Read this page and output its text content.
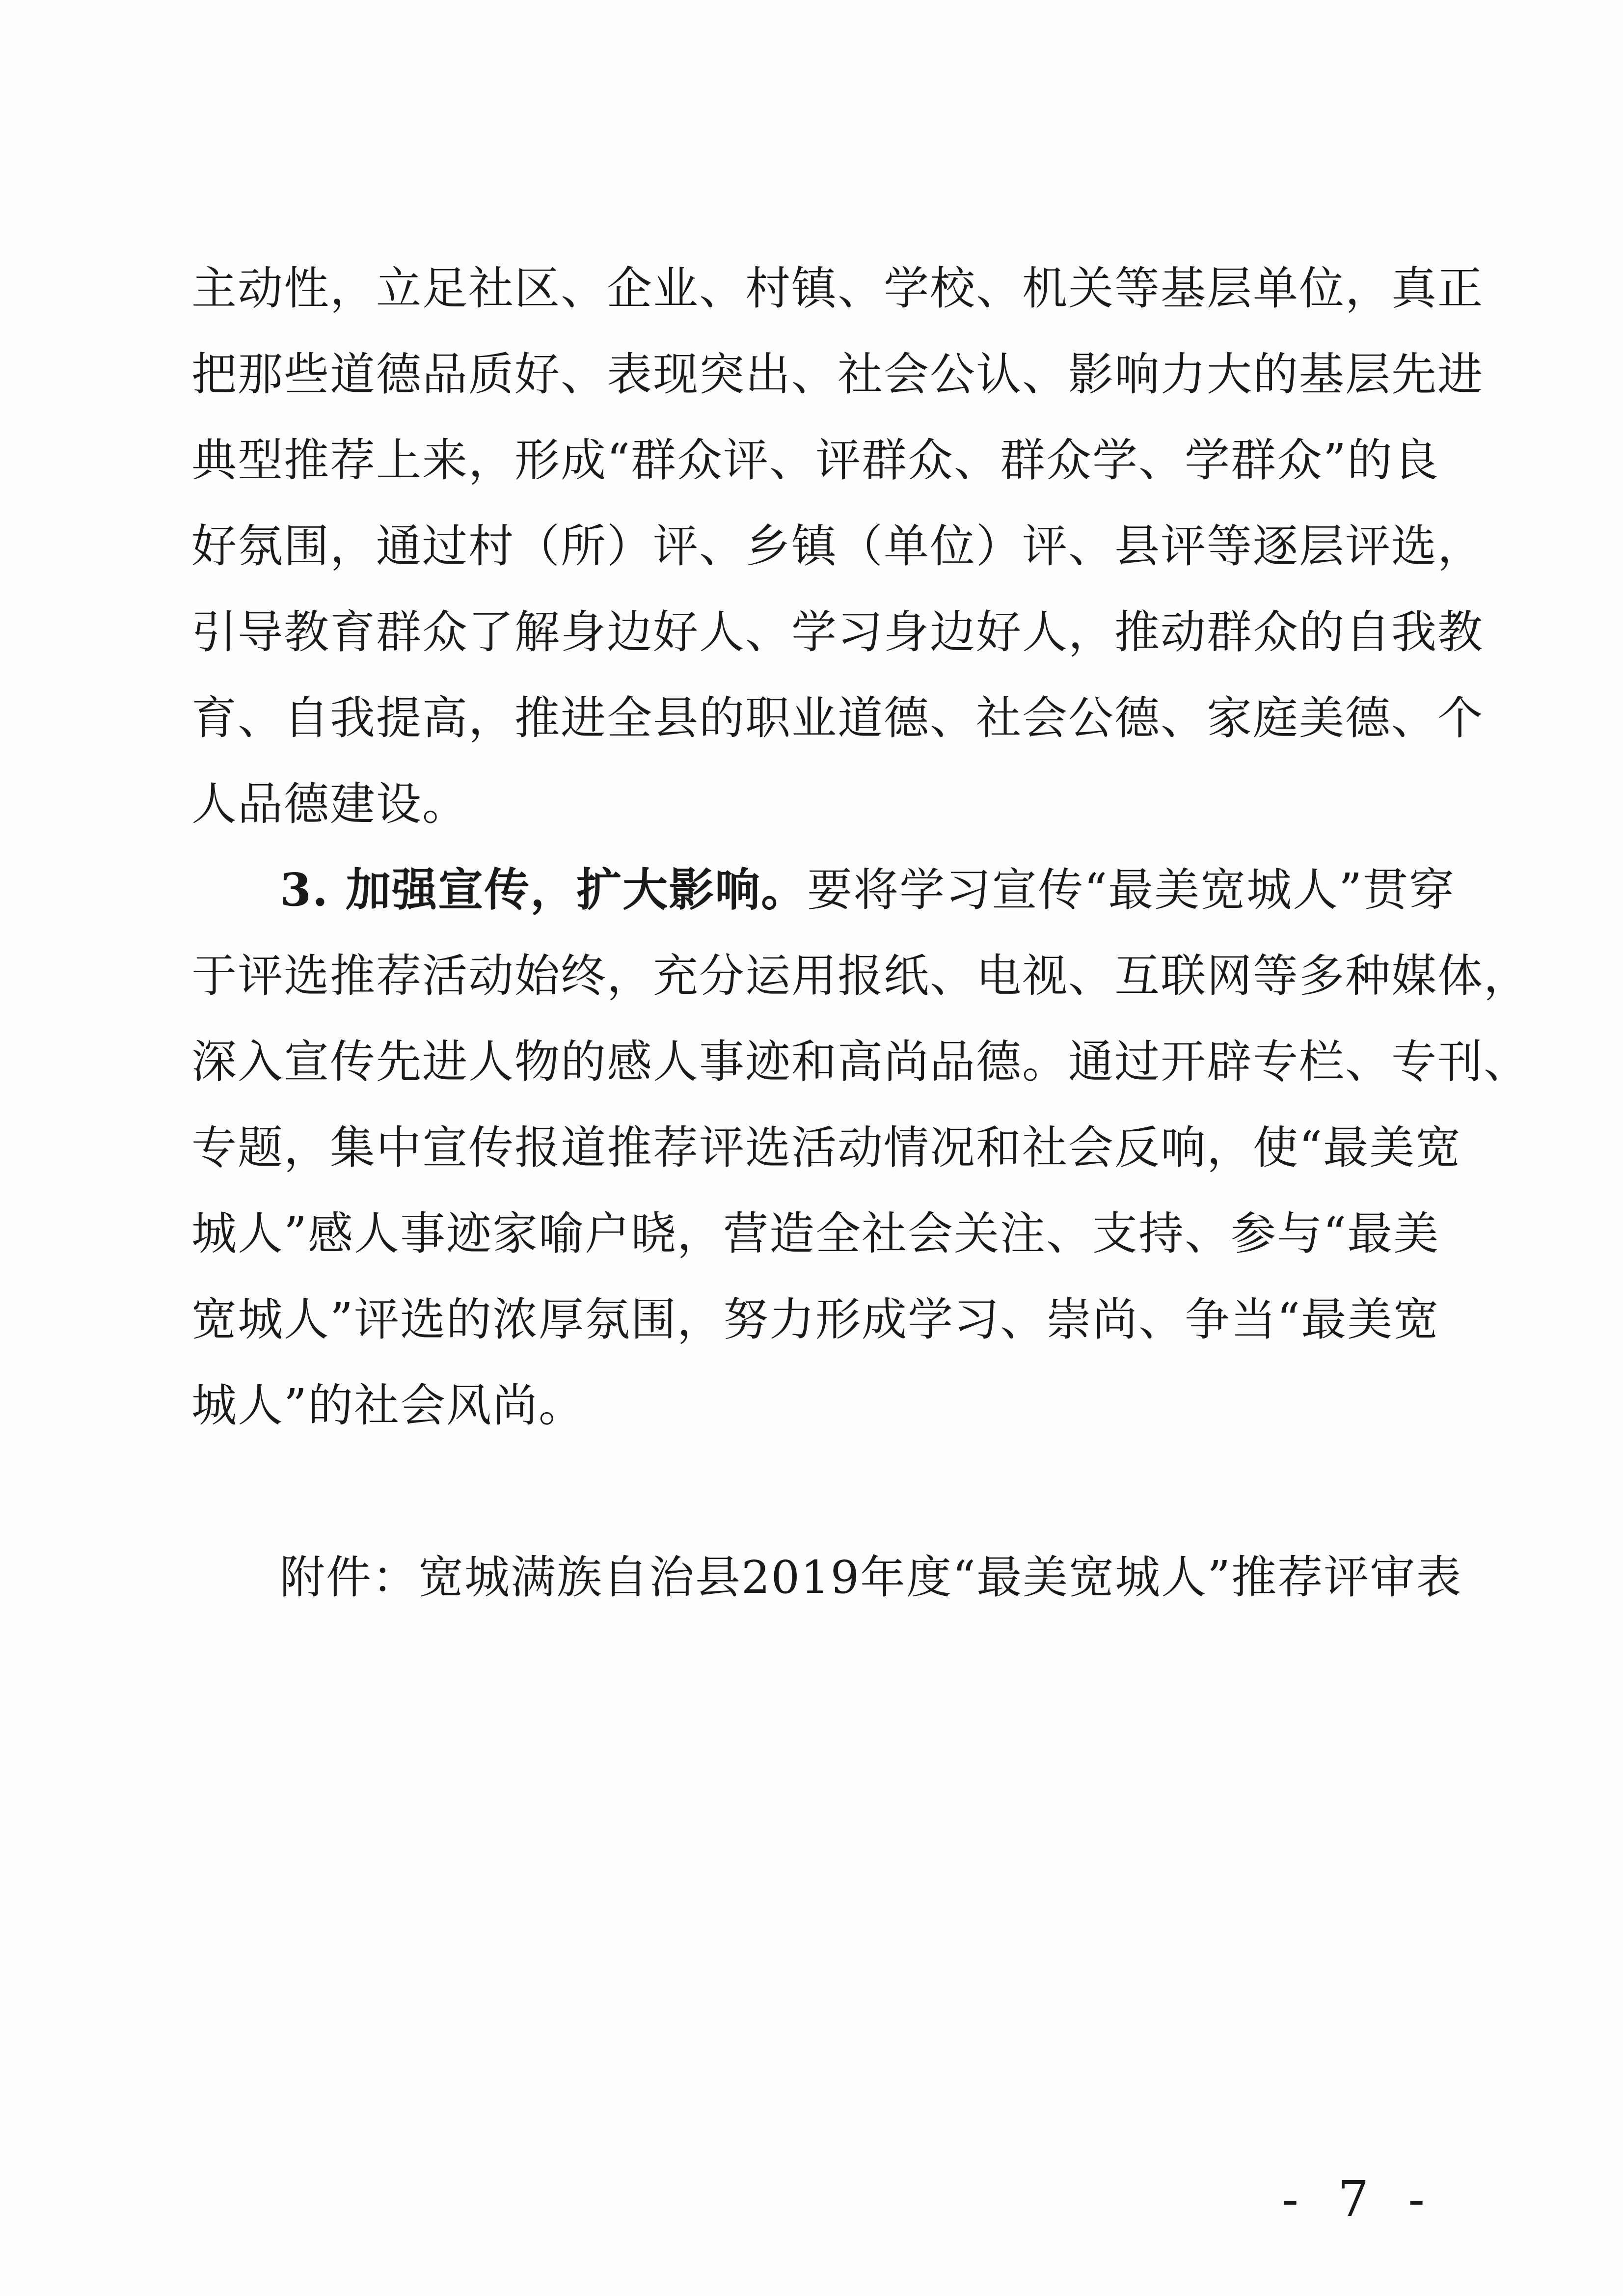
主动性，立足社区、企业、村镇、学校、机关等基层单位，真正
把那些道德品质好、表现突出、社会公认、影响力大的基层先进
典型推荐上来，形成“群众评、评群众、群众学、学群众”的良
好氛围，通过村（所）评、乡镇（单位）评、县评等逐层评选，
引导教育群众了解身边好人、学习身边好人，推动群众的自我教
育、自我提高，推进全县的职业道德、社会公德、家庭美德、个
人品德建设。
3. 加强宣传，扩大影响。要将学习宣传“最美宽城人”贯穿
于评选推荐活动始终，充分运用报纸、电视、互联网等多种媒体，
深入宣传先进人物的感人事迹和高尚品德。通过开辟专栏、专刊、
专题，集中宣传报道推荐评选活动情况和社会反响，使“最美宽
城人”感人事迹家喻户晓，营造全社会关注、支持、参与“最美
宽城人”评选的浓厚氛围，努力形成学习、崇尚、争当“最美宽
城人”的社会风尚。
附件：宽城满族自治县2019年度“最美宽城人”推荐评审表
- 7 -
